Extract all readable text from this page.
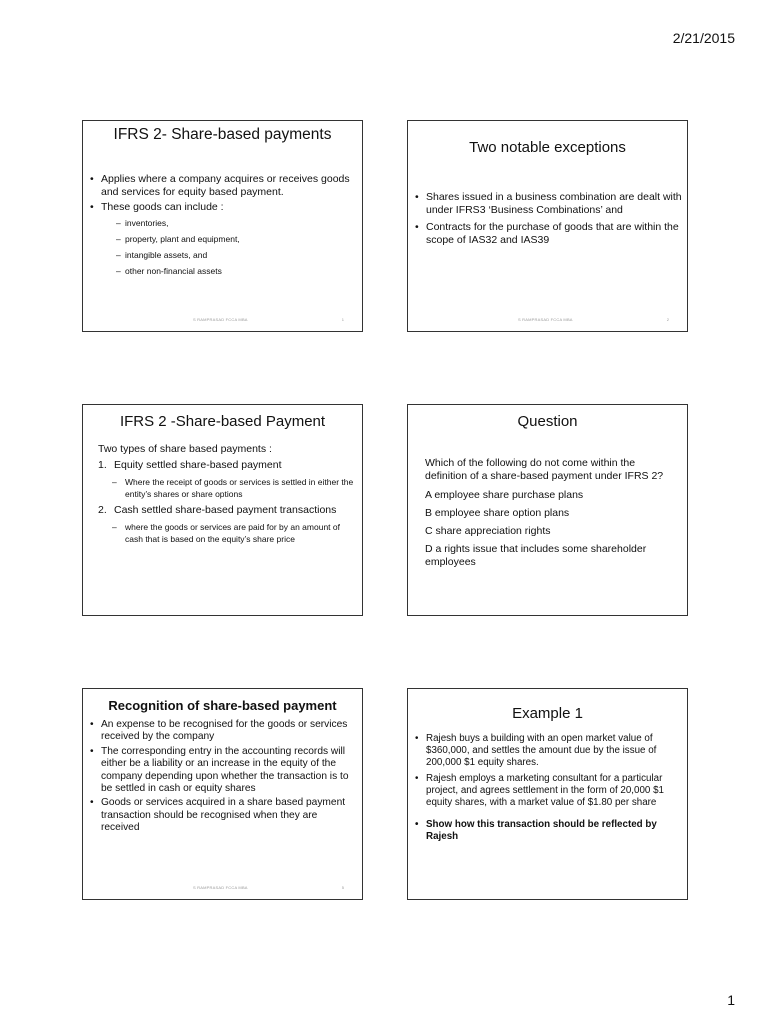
2/21/2015

IFRS 2- Share-based payments

• Applies where a company acquires or receives goods and services for equity based payment.
• These goods can include :
– inventories,
– property, plant and equipment,
– intangible assets, and
– other non-financial assets
S RAMPRASAD FCCA MBA	1

Two notable exceptions

• Shares issued in a business combination are dealt with under IFRS3 ‘Business Combinations’ and
• Contracts for the purchase of goods that are within the scope of IAS32 and IAS39
S RAMPRASAD FCCA MBA	2

IFRS 2 -Share-based Payment

Two types of share based payments :

1. Equity settled share-based payment
– Where the receipt of goods or services is settled in either the entity’s shares or share options
2. Cash settled share-based payment transactions
– where the goods or services are paid for by an amount of cash that is based on the equity’s share price

Question

Which of the following do not come within the definition of a share-based payment under IFRS 2?

A employee share purchase plans

B employee share option plans

C share appreciation rights

D a rights issue that includes some shareholder employees

Recognition of share-based payment

• An expense to be recognised for the goods or services received by the company
• The corresponding entry in the accounting records will either be a liability or an increase in the equity of the company depending upon whether the transaction is to be settled in cash or equity shares
• Goods or services acquired in a share based payment transaction should be recognised when they are received
S RAMPRASAD FCCA MBA	5

Example 1

• Rajesh buys a building with an open market value of $360,000, and settles the amount due by the issue of 200,000 $1 equity shares.
• Rajesh employs a marketing consultant for a particular project, and agrees settlement in the form of 20,000 $1 equity shares, with a market value of $1.80 per share
• Show how this transaction should be reflected by Rajesh
1
